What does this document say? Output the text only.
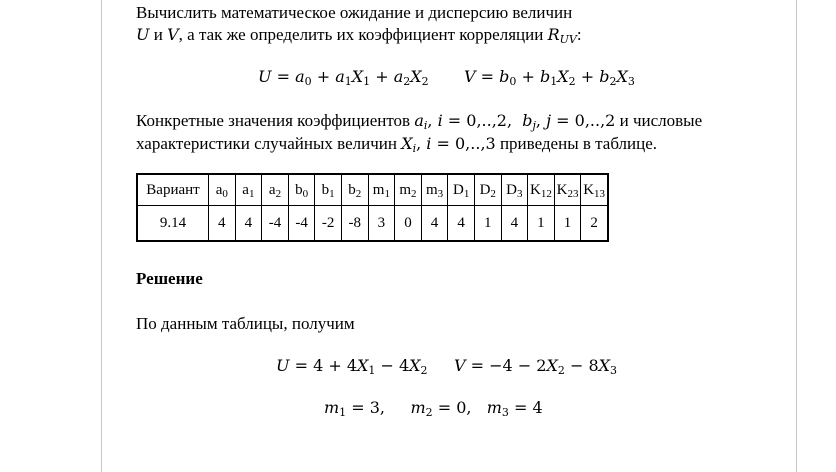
Вычислить математическое ожидание и дисперсию величин
U и V, а так же определить их коэффициент корреляции $R_{UV}$:
$U = a_0 + a_1X_1 + a_2X_2$ $V = b_0 + b_1X_2 + b_2X_3$
Конкретные значения коэффициентов $a_i$, i = 0,..,2,  $b_j$, j = 0,..,2 и числовые
характеристики случайных величин $X_i$, i = 0,..,3 приведены в таблице.
Вариант	$a_0$	$a_1$	$a_2$	$b_0$	$b_1$	$b_2$	$m_1$	$m_2$	$m_3$	$D_1$	$D_2$	$D_3$	$K_{12}$	$K_{23}$	$K_{13}$
9.14	4	4	-4	-4	-2	-8	3	0	4	4	1	4	1	1	2
Решение
По данным таблицы, получим
$U = 4 + 4X_1 - 4X_2$ $V = -4 - 2X_2 - 8X_3$
$m_1 = 3$,     $m_2 = 0$,   $m_3 = 4$
